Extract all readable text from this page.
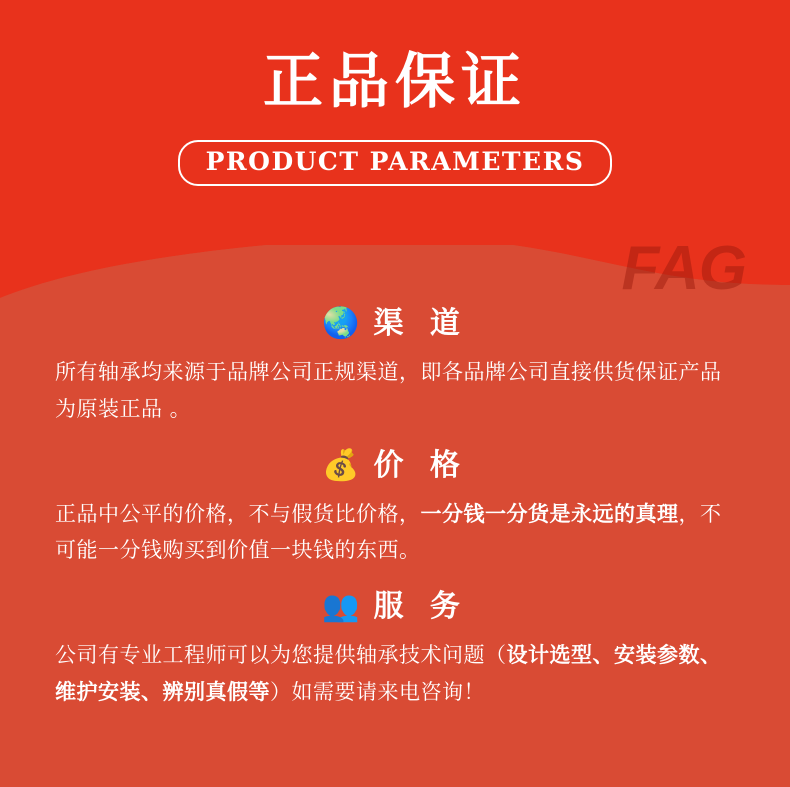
正品保证
PRODUCT PARAMETERS
FAG
🌏 渠 道
所有轴承均来源于品牌公司正规渠道，即各品牌公司直接供货保证产品为原装正品 。
💰 价 格
正品中公平的价格，不与假货比价格，一分钱一分货是永远的真理，不可能一分钱购买到价值一块钱的东西。
👥 服 务
公司有专业工程师可以为您提供轴承技术问题（设计选型、安装参数、维护安装、辨别真假等）如需要请来电咨询！
